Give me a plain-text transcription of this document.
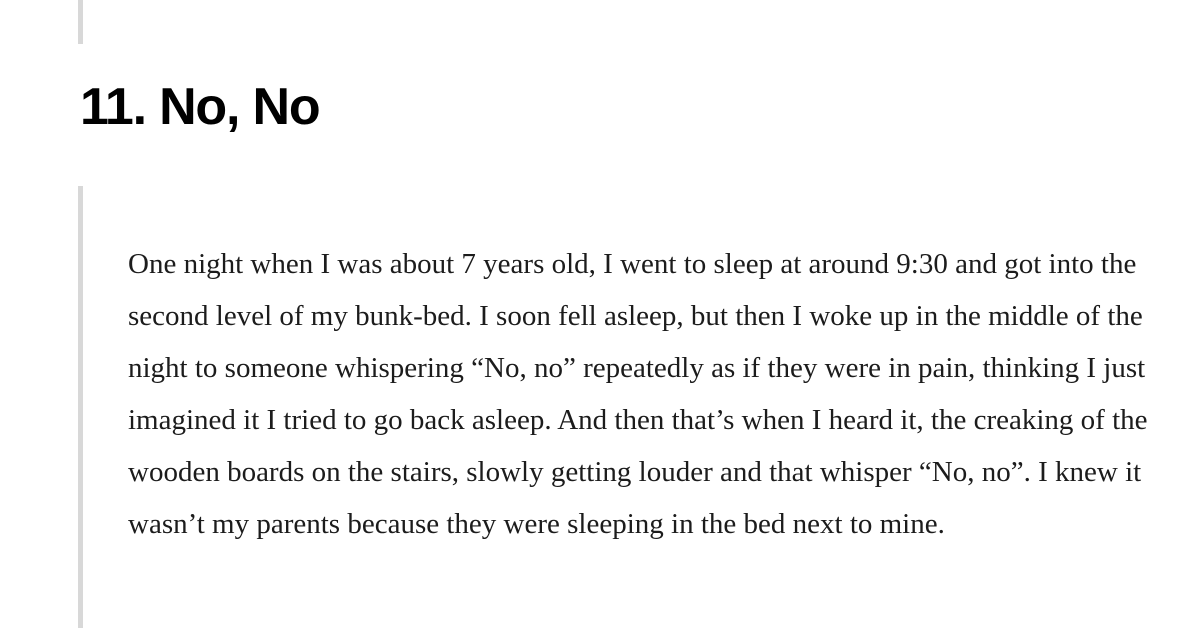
11. No, No

One night when I was about 7 years old, I went to sleep at around 9:30 and got into the second level of my bunk-bed. I soon fell asleep, but then I woke up in the middle of the night to someone whispering “No, no” repeatedly as if they were in pain, thinking I just imagined it I tried to go back asleep. And then that’s when I heard it, the creaking of the wooden boards on the stairs, slowly getting louder and that whisper “No, no”. I knew it wasn’t my parents because they were sleeping in the bed next to mine.
